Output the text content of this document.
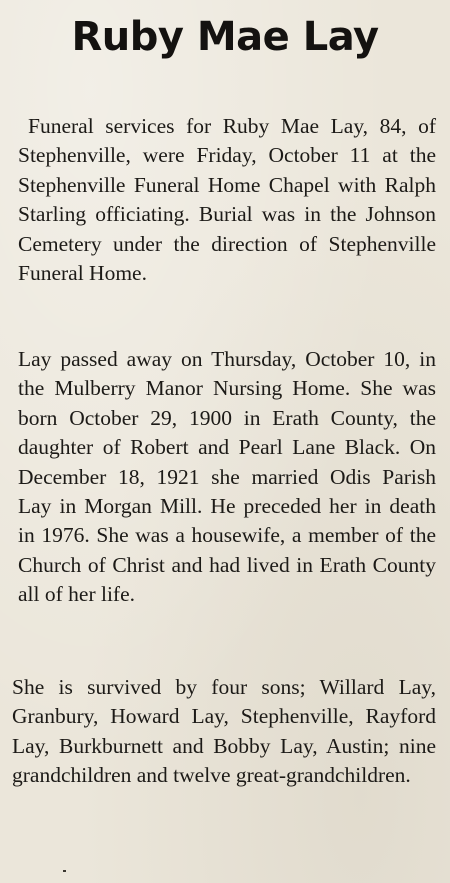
Ruby Mae Lay

Funeral services for Ruby Mae Lay, 84, of Stephenville, were Friday, October 11 at the Stephenville Funeral Home Chapel with Ralph Starling officiating. Burial was in the Johnson Cemetery under the direction of Stephenville Funeral Home.

Lay passed away on Thursday, October 10, in the Mulberry Manor Nursing Home. She was born October 29, 1900 in Erath County, the daughter of Robert and Pearl Lane Black. On December 18, 1921 she married Odis Parish Lay in Morgan Mill. He preceded her in death in 1976. She was a housewife, a member of the Church of Christ and had lived in Erath County all of her life.

She is survived by four sons; Willard Lay, Granbury, Howard Lay, Stephenville, Rayford Lay, Burkburnett and Bobby Lay, Austin; nine grandchildren and twelve great-grandchildren.
